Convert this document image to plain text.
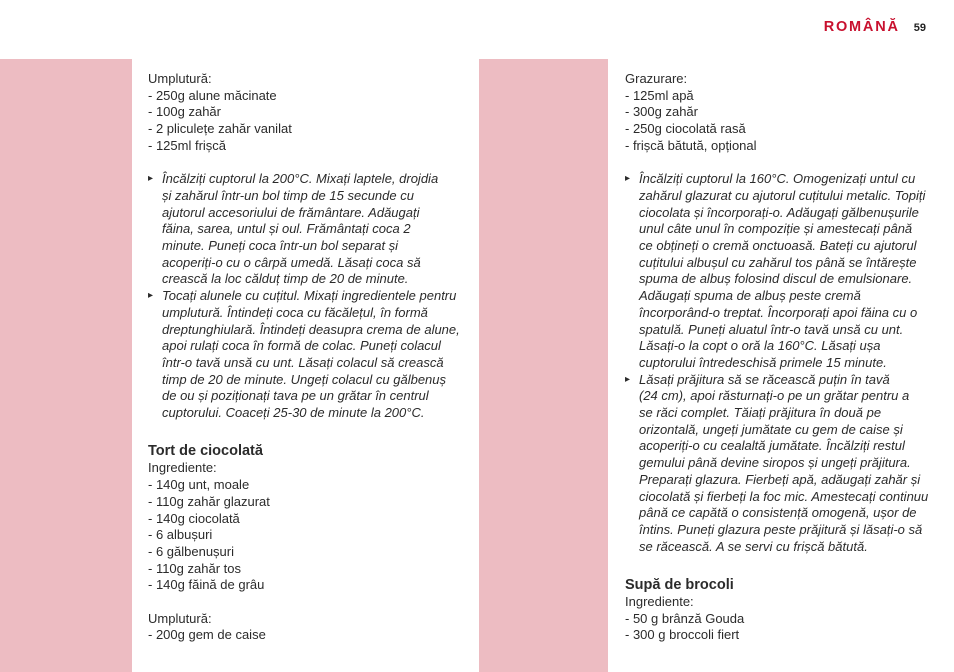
ROMÂNĂ 59
Umplutură:
- 250g alune măcinate
- 100g zahăr
- 2 pliculețe zahăr vanilat
- 125ml frișcă
▸ Încălziți cuptorul la 200°C. Mixați laptele, drojdia
și zahărul într-un bol timp de 15 secunde cu
ajutorul accesoriului de frământare. Adăugați
făina, sarea, untul și oul. Frământați coca 2
minute. Puneți coca într-un bol separat și
acoperiți-o cu o cârpă umedă. Lăsați coca să
crească la loc călduț timp de 20 de minute.
▸ Tocați alunele cu cuțitul. Mixați ingredientele pentru
umplutură. Întindeți coca cu făcălețul, în formă
dreptunghiulară. Întindeți deasupra crema de alune,
apoi rulați coca în formă de colac. Puneți colacul
într-o tavă unsă cu unt. Lăsați colacul să crească
timp de 20 de minute. Ungeți colacul cu gălbenuș
de ou și poziționați tava pe un grătar în centrul
cuptorului. Coaceți 25-30 de minute la 200°C.
Tort de ciocolată
Ingrediente:
- 140g unt, moale
- 110g zahăr glazurat
- 140g ciocolată
- 6 albușuri
- 6 gălbenușuri
- 110g zahăr tos
- 140g făină de grâu
Umplutură:
- 200g gem de caise
Grazurare:
- 125ml apă
- 300g zahăr
- 250g ciocolată rasă
- frișcă bătută, opțional
▸ Încălziți cuptorul la 160°C. Omogenizați untul cu
zahărul glazurat cu ajutorul cuțitului metalic. Topiți
ciocolata și încorporați-o. Adăugați gălbenușurile
unul câte unul în compoziție și amestecați până
ce obțineți o cremă onctuoasă. Bateți cu ajutorul
cuțitului albușul cu zahărul tos până se întărește
spuma de albuș folosind discul de emulsionare.
Adăugați spuma de albuș peste cremă
încorporând-o treptat. Încorporați apoi făina cu o
spatulă. Puneți aluatul într-o tavă unsă cu unt.
Lăsați-o la copt o oră la 160°C. Lăsați ușa
cuptorului întredeschisă primele 15 minute.
▸ Lăsați prăjitura să se răcească puțin în tavă
(24 cm), apoi răsturnați-o pe un grătar pentru a
se răci complet. Tăiați prăjitura în două pe
orizontală, ungeți jumătate cu gem de caise și
acoperiți-o cu cealaltă jumătate. Încălziți restul
gemului până devine siropos și ungeți prăjitura.
Preparați glazura. Fierbeți apă, adăugați zahăr și
ciocolată și fierbeți la foc mic. Amestecați continuu
până ce capătă o consistență omogenă, ușor de
întins. Puneți glazura peste prăjitură și lăsați-o să
se răcească. A se servi cu frișcă bătută.
Supă de brocoli
Ingrediente:
- 50 g brânză Gouda
- 300 g broccoli fiert
